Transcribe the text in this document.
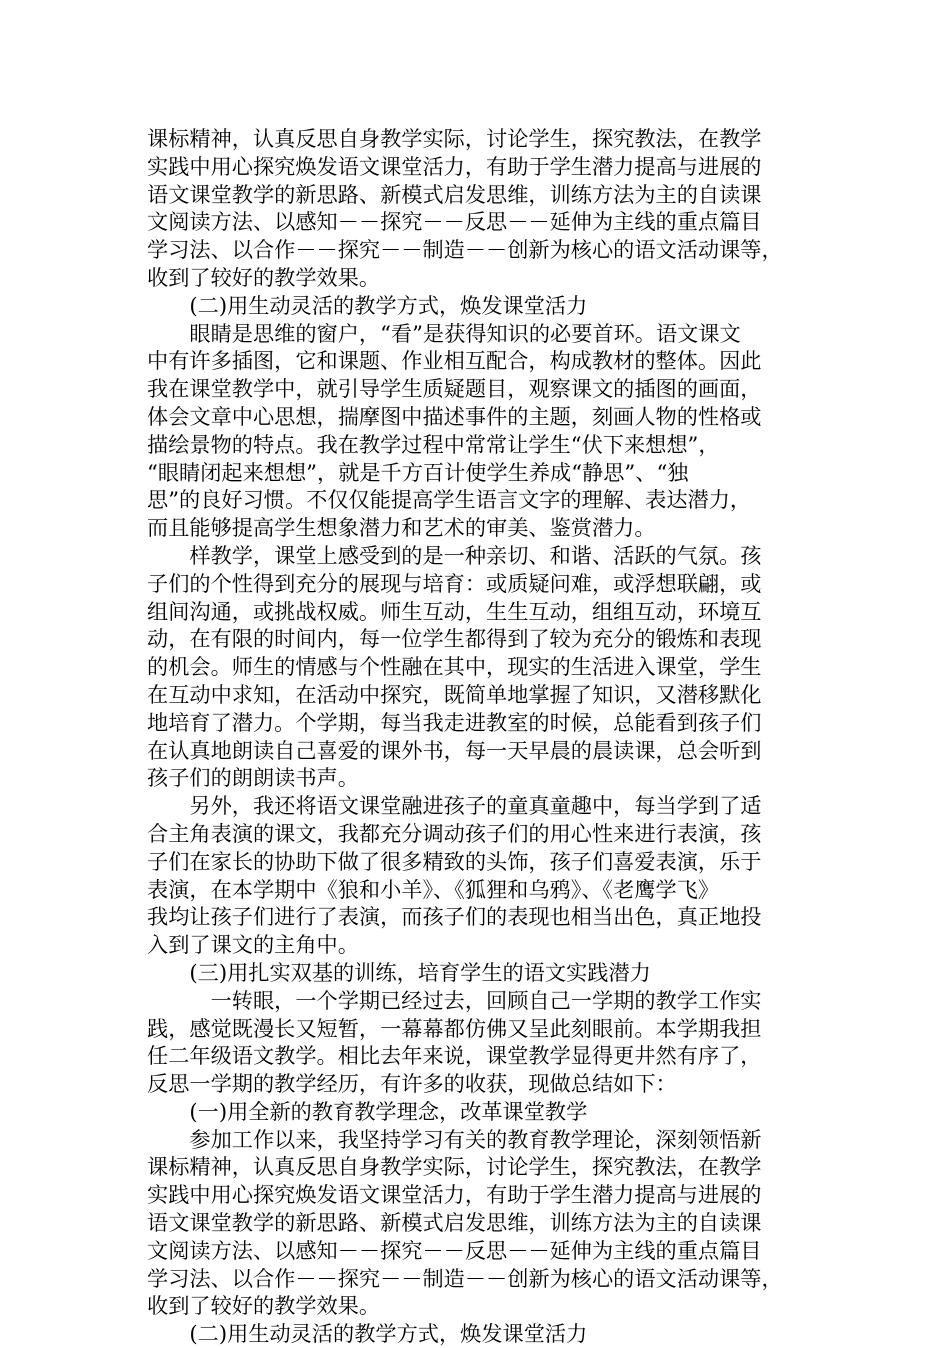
课标精神，认真反思自身教学实际，讨论学生，探究教法，在教学
实践中用心探究焕发语文课堂活力，有助于学生潜力提高与进展的
语文课堂教学的新思路、新模式启发思维，训练方法为主的自读课
文阅读方法、以感知－－探究－－反思－－延伸为主线的重点篇目
学习法、以合作－－探究－－制造－－创新为核心的语文活动课等，
收到了较好的教学效果。
　　(二)用生动灵活的教学方式，焕发课堂活力
　　眼睛是思维的窗户，“看”是获得知识的必要首环。语文课文
中有许多插图，它和课题、作业相互配合，构成教材的整体。因此
我在课堂教学中，就引导学生质疑题目，观察课文的插图的画面，
体会文章中心思想，揣摩图中描述事件的主题，刻画人物的性格或
描绘景物的特点。我在教学过程中常常让学生“伏下来想想”，
“眼睛闭起来想想”，就是千方百计使学生养成“静思”、“独
思”的良好习惯。不仅仅能提高学生语言文字的理解、表达潜力，
而且能够提高学生想象潜力和艺术的审美、鉴赏潜力。
　　样教学，课堂上感受到的是一种亲切、和谐、活跃的气氛。孩
子们的个性得到充分的展现与培育：或质疑问难，或浮想联翩，或
组间沟通，或挑战权威。师生互动，生生互动，组组互动，环境互
动，在有限的时间内，每一位学生都得到了较为充分的锻炼和表现
的机会。师生的情感与个性融在其中，现实的生活进入课堂，学生
在互动中求知，在活动中探究，既简单地掌握了知识，又潜移默化
地培育了潜力。个学期，每当我走进教室的时候，总能看到孩子们
在认真地朗读自己喜爱的课外书，每一天早晨的晨读课，总会听到
孩子们的朗朗读书声。
　　另外，我还将语文课堂融进孩子的童真童趣中，每当学到了适
合主角表演的课文，我都充分调动孩子们的用心性来进行表演，孩
子们在家长的协助下做了很多精致的头饰，孩子们喜爱表演，乐于
表演，在本学期中《狼和小羊》、《狐狸和乌鸦》、《老鹰学飞》
我均让孩子们进行了表演，而孩子们的表现也相当出色，真正地投
入到了课文的主角中。
　　(三)用扎实双基的训练，培育学生的语文实践潜力
　　　一转眼，一个学期已经过去，回顾自己一学期的教学工作实
践，感觉既漫长又短暂，一幕幕都仿佛又呈此刻眼前。本学期我担
任二年级语文教学。相比去年来说，课堂教学显得更井然有序了，
反思一学期的教学经历，有许多的收获，现做总结如下：
　　(一)用全新的教育教学理念，改革课堂教学
　　参加工作以来，我坚持学习有关的教育教学理论，深刻领悟新
课标精神，认真反思自身教学实际，讨论学生，探究教法，在教学
实践中用心探究焕发语文课堂活力，有助于学生潜力提高与进展的
语文课堂教学的新思路、新模式启发思维，训练方法为主的自读课
文阅读方法、以感知－－探究－－反思－－延伸为主线的重点篇目
学习法、以合作－－探究－－制造－－创新为核心的语文活动课等，
收到了较好的教学效果。
　　(二)用生动灵活的教学方式，焕发课堂活力
